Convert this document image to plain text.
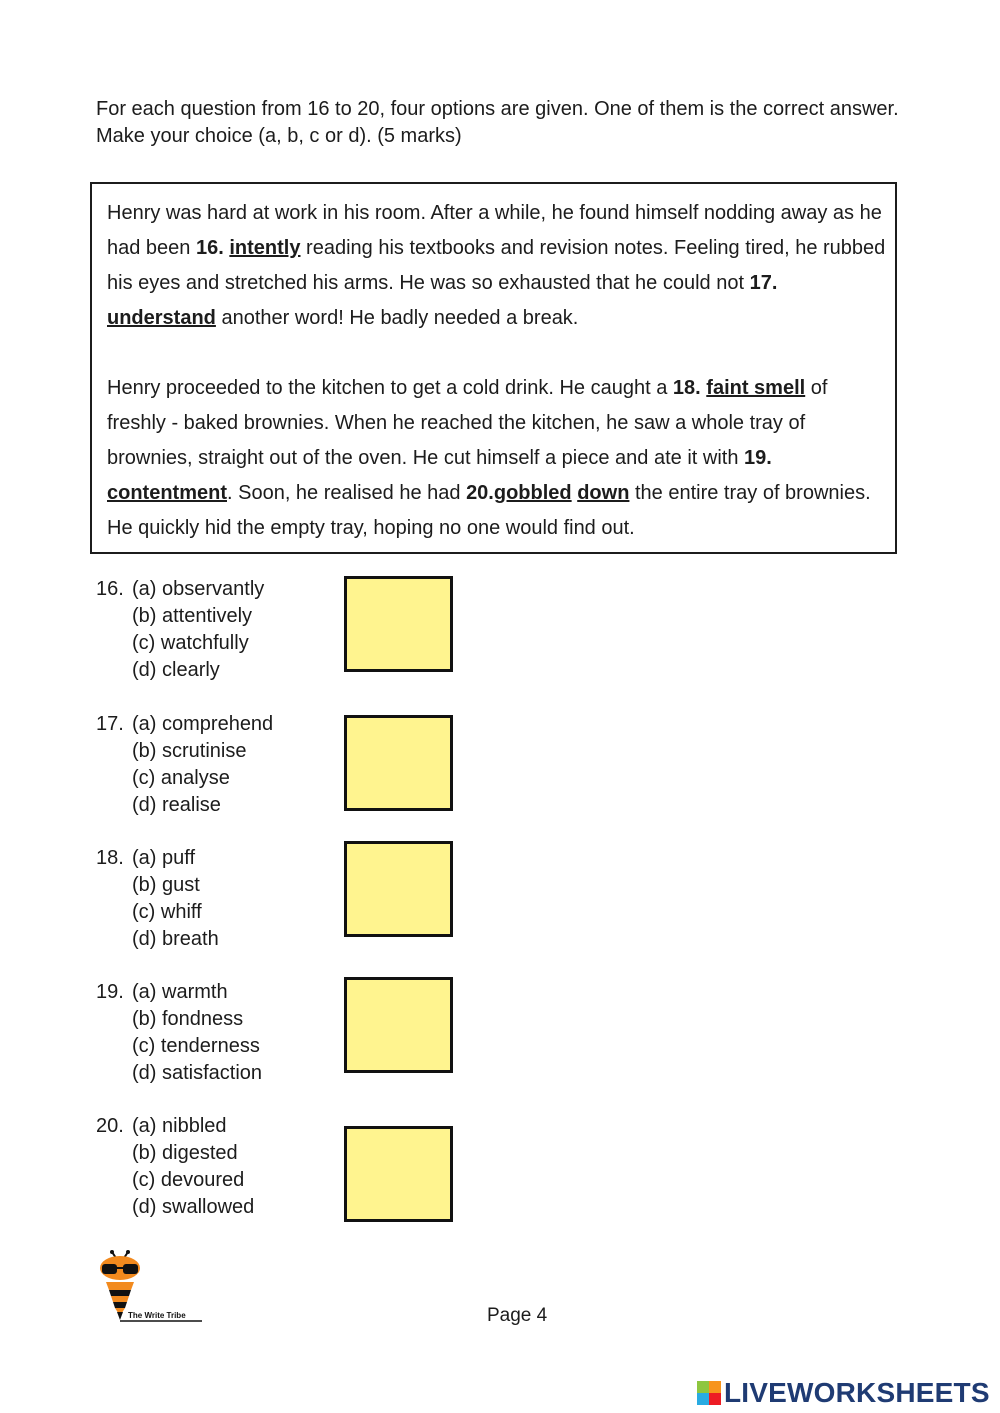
For each question from 16 to 20, four options are given. One of them is the correct answer. Make your choice (a, b, c or d). (5 marks)
Henry was hard at work in his room. After a while, he found himself nodding away as he had been 16. intently reading his textbooks and revision notes. Feeling tired, he rubbed his eyes and stretched his arms. He was so exhausted that he could not 17. understand another word! He badly needed a break.
Henry proceeded to the kitchen to get a cold drink. He caught a 18. faint smell of freshly - baked brownies. When he reached the kitchen, he saw a whole tray of brownies, straight out of the oven. He cut himself a piece and ate it with 19. contentment. Soon, he realised he had 20.gobbled down the entire tray of brownies. He quickly hid the empty tray, hoping no one would find out.
16. (a) observantly
(b) attentively
(c) watchfully
(d) clearly
17. (a) comprehend
(b) scrutinise
(c) analyse
(d) realise
18. (a) puff
(b) gust
(c) whiff
(d) breath
19. (a) warmth
(b) fondness
(c) tenderness
(d) satisfaction
20. (a) nibbled
(b) digested
(c) devoured
(d) swallowed
The Write Tribe	Page 4
LIVEWORKSHEETS
